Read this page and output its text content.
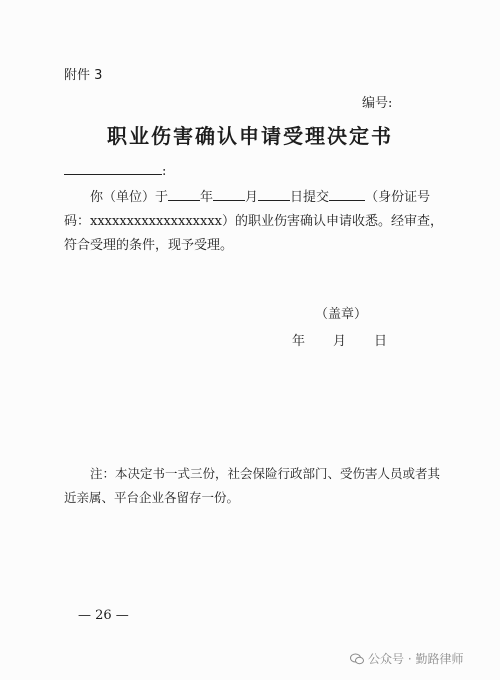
附件 3
编号:
职业伤害确认申请受理决定书
:
你（单位）于 年 月 日提交	（身份证号码：xxxxxxxxxxxxxxxxxx）的职业伤害确认申请收悉。经审查，符合受理的条件，现予受理。
（盖章）
年 月 日
注：本决定书一式三份，社会保险行政部门、受伤害人员或者其近亲属、平台企业各留存一份。
— 26 —
公众号 · 勤路律师
